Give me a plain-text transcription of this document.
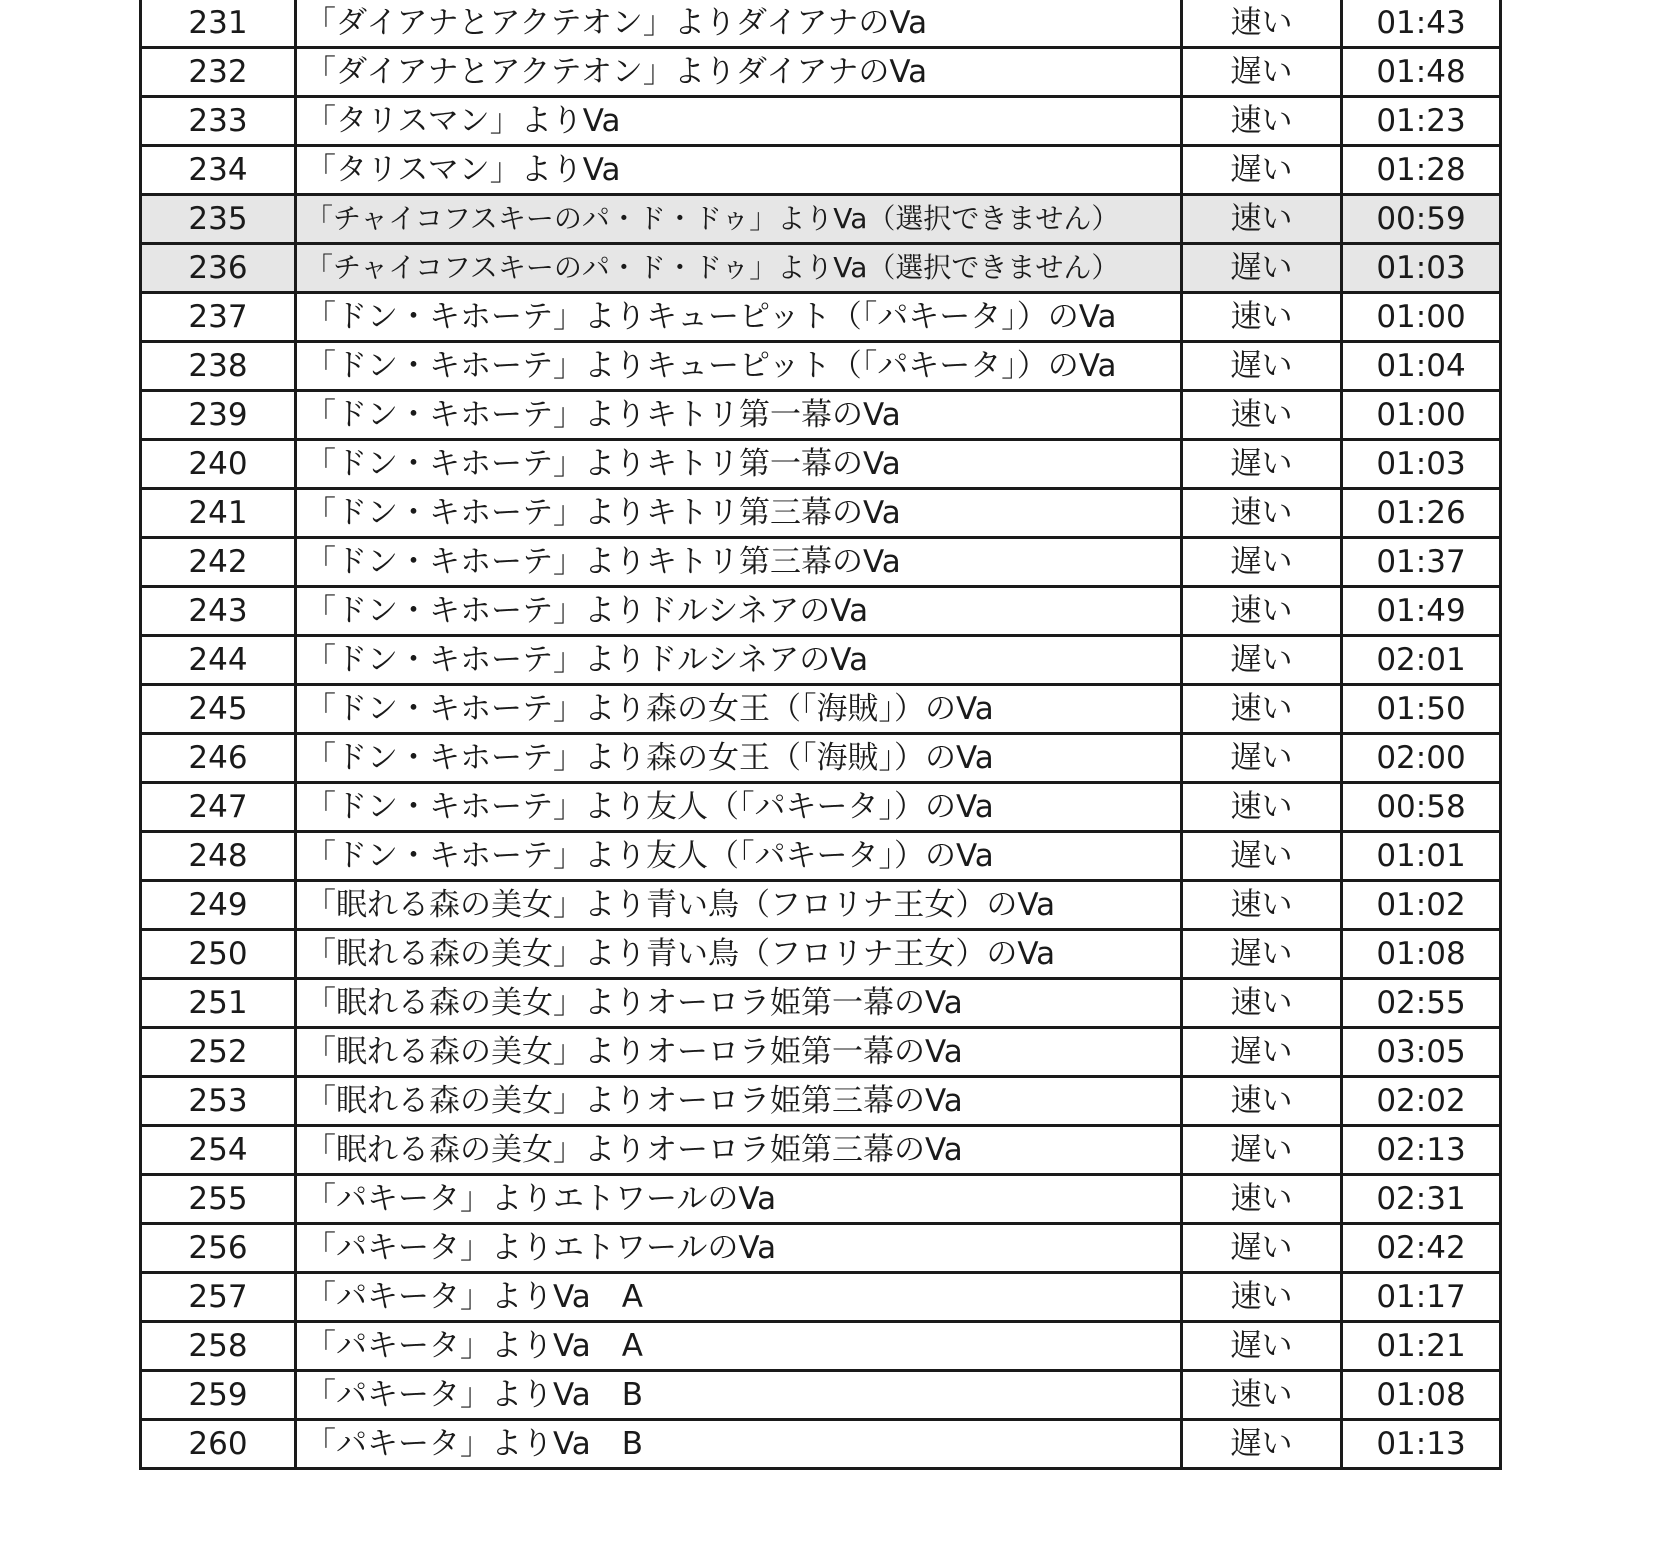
231	「ダイアナとアクテオン」よりダイアナのVa	速い	01:43
232	「ダイアナとアクテオン」よりダイアナのVa	遅い	01:48
233	「タリスマン」よりVa	速い	01:23
234	「タリスマン」よりVa	遅い	01:28
235	「チャイコフスキーのパ・ド・ドゥ」よりVa（選択できません）	速い	00:59
236	「チャイコフスキーのパ・ド・ドゥ」よりVa（選択できません）	遅い	01:03
237	「ドン・キホーテ」よりキューピット（「パキータ」）のVa	速い	01:00
238	「ドン・キホーテ」よりキューピット（「パキータ」）のVa	遅い	01:04
239	「ドン・キホーテ」よりキトリ第一幕のVa	速い	01:00
240	「ドン・キホーテ」よりキトリ第一幕のVa	遅い	01:03
241	「ドン・キホーテ」よりキトリ第三幕のVa	速い	01:26
242	「ドン・キホーテ」よりキトリ第三幕のVa	遅い	01:37
243	「ドン・キホーテ」よりドルシネアのVa	速い	01:49
244	「ドン・キホーテ」よりドルシネアのVa	遅い	02:01
245	「ドン・キホーテ」より森の女王（「海賊」）のVa	速い	01:50
246	「ドン・キホーテ」より森の女王（「海賊」）のVa	遅い	02:00
247	「ドン・キホーテ」より友人（「パキータ」）のVa	速い	00:58
248	「ドン・キホーテ」より友人（「パキータ」）のVa	遅い	01:01
249	「眠れる森の美女」より青い鳥（フロリナ王女）のVa	速い	01:02
250	「眠れる森の美女」より青い鳥（フロリナ王女）のVa	遅い	01:08
251	「眠れる森の美女」よりオーロラ姫第一幕のVa	速い	02:55
252	「眠れる森の美女」よりオーロラ姫第一幕のVa	遅い	03:05
253	「眠れる森の美女」よりオーロラ姫第三幕のVa	速い	02:02
254	「眠れる森の美女」よりオーロラ姫第三幕のVa	遅い	02:13
255	「パキータ」よりエトワールのVa	速い	02:31
256	「パキータ」よりエトワールのVa	遅い	02:42
257	「パキータ」よりVa　A	速い	01:17
258	「パキータ」よりVa　A	遅い	01:21
259	「パキータ」よりVa　B	速い	01:08
260	「パキータ」よりVa　B	遅い	01:13
